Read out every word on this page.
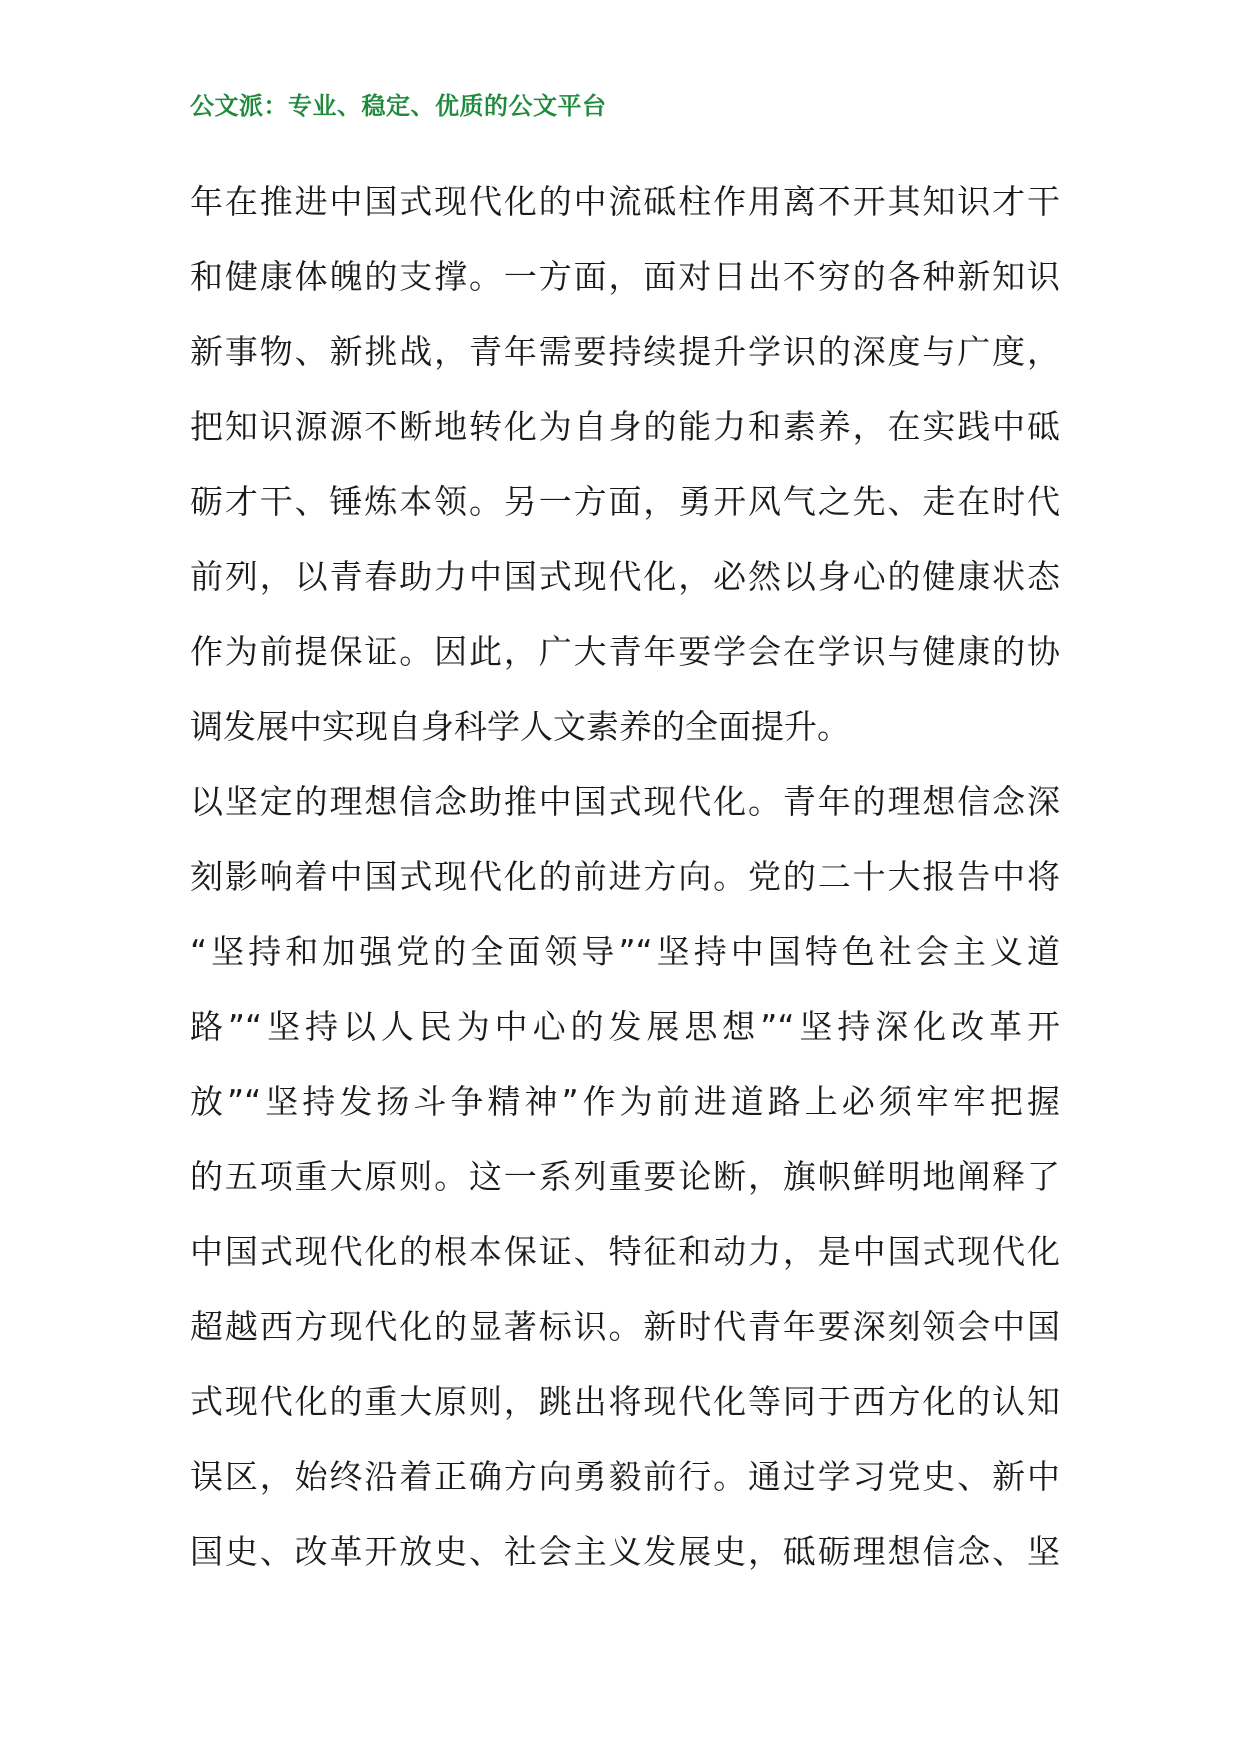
公文派：专业、稳定、优质的公文平台
年在推进中国式现代化的中流砥柱作用离不开其知识才干
和健康体魄的支撑。一方面，面对日出不穷的各种新知识
新事物、新挑战，青年需要持续提升学识的深度与广度，
把知识源源不断地转化为自身的能力和素养，在实践中砥
砺才干、锤炼本领。另一方面，勇开风气之先、走在时代
前列，以青春助力中国式现代化，必然以身心的健康状态
作为前提保证。因此，广大青年要学会在学识与健康的协
调发展中实现自身科学人文素养的全面提升。
以坚定的理想信念助推中国式现代化。青年的理想信念深
刻影响着中国式现代化的前进方向。党的二十大报告中将
“坚持和加强党的全面领导”“坚持中国特色社会主义道
路”“坚持以人民为中心的发展思想”“坚持深化改革开
放”“坚持发扬斗争精神”作为前进道路上必须牢牢把握
的五项重大原则。这一系列重要论断，旗帜鲜明地阐释了
中国式现代化的根本保证、特征和动力，是中国式现代化
超越西方现代化的显著标识。新时代青年要深刻领会中国
式现代化的重大原则，跳出将现代化等同于西方化的认知
误区，始终沿着正确方向勇毅前行。通过学习党史、新中
国史、改革开放史、社会主义发展史，砥砺理想信念、坚
